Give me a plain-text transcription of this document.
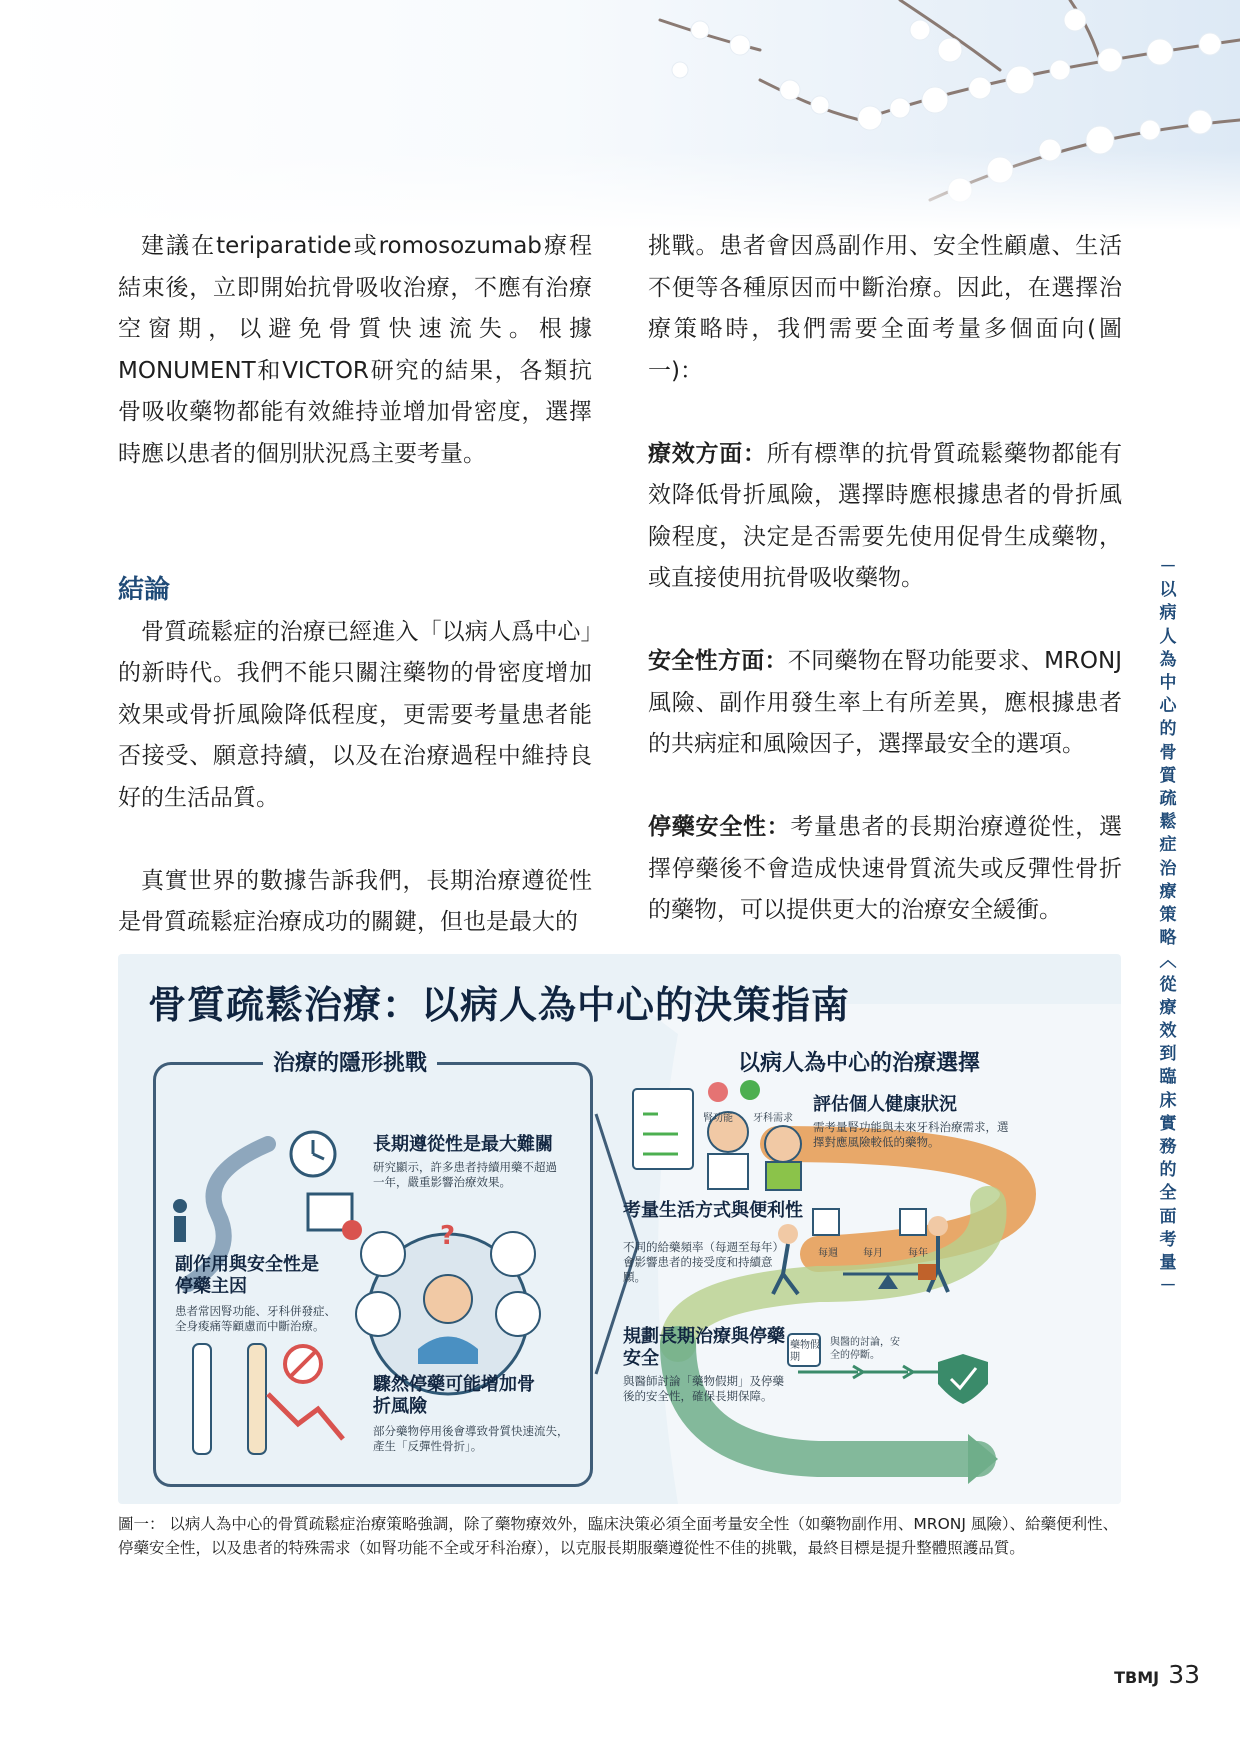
建議在teriparatide或romosozumab療程結束後，立即開始抗骨吸收治療，不應有治療空窗期，以避免骨質快速流失。根據MONUMENT和VICTOR研究的結果，各類抗骨吸收藥物都能有效維持並增加骨密度，選擇時應以患者的個別狀況爲主要考量。

結論

骨質疏鬆症的治療已經進入「以病人爲中心」的新時代。我們不能只關注藥物的骨密度增加效果或骨折風險降低程度，更需要考量患者能否接受、願意持續，以及在治療過程中維持良好的生活品質。

真實世界的數據告訴我們，長期治療遵從性是骨質疏鬆症治療成功的關鍵，但也是最大的

挑戰。患者會因爲副作用、安全性顧慮、生活不便等各種原因而中斷治療。因此，在選擇治療策略時，我們需要全面考量多個面向(圖一)：

療效方面：所有標準的抗骨質疏鬆藥物都能有效降低骨折風險，選擇時應根據患者的骨折風險程度，決定是否需要先使用促骨生成藥物，或直接使用抗骨吸收藥物。

安全性方面：不同藥物在腎功能要求、MRONJ風險、副作用發生率上有所差異，應根據患者的共病症和風險因子，選擇最安全的選項。

停藥安全性：考量患者的長期治療遵從性，選擇停藥後不會造成快速骨質流失或反彈性骨折的藥物，可以提供更大的治療安全緩衝。

－
以
病
人
為
中
心
的
骨
質
疏
鬆
症
治
療
策
略
︿
從
療
效
到
臨
床
實
務
的
全
面
考
量
－
?
骨質疏鬆治療：以病人為中心的決策指南
治療的隱形挑戰	以病人為中心的治療選擇
長期遵從性是最大難關
研究顯示，許多患者持續用藥不超過一年，嚴重影響治療效果。
副作用與安全性是停藥主因
患者常因腎功能、牙科併發症、全身痠痛等顧慮而中斷治療。
驟然停藥可能增加骨折風險
部分藥物停用後會導致骨質快速流失，產生「反彈性骨折」。
腎功能 牙科需求
評估個人健康狀況
需考量腎功能與未來牙科治療需求，選擇對應風險較低的藥物。
考量生活方式與便利性
不同的給藥頻率（每週至每年）會影響患者的接受度和持續意願。
每週	每月	每年
規劃長期治療與停藥安全
與醫師討論「藥物假期」及停藥後的安全性，確保長期保障。
藥物假期
與醫的討論，安全的停斷。
圖一： 以病人為中心的骨質疏鬆症治療策略強調，除了藥物療效外，臨床決策必須全面考量安全性（如藥物副作用、MRONJ 風險）、給藥便利性、停藥安全性，以及患者的特殊需求（如腎功能不全或牙科治療），以克服長期服藥遵從性不佳的挑戰，最終目標是提升整體照護品質。
TBMJ 33
